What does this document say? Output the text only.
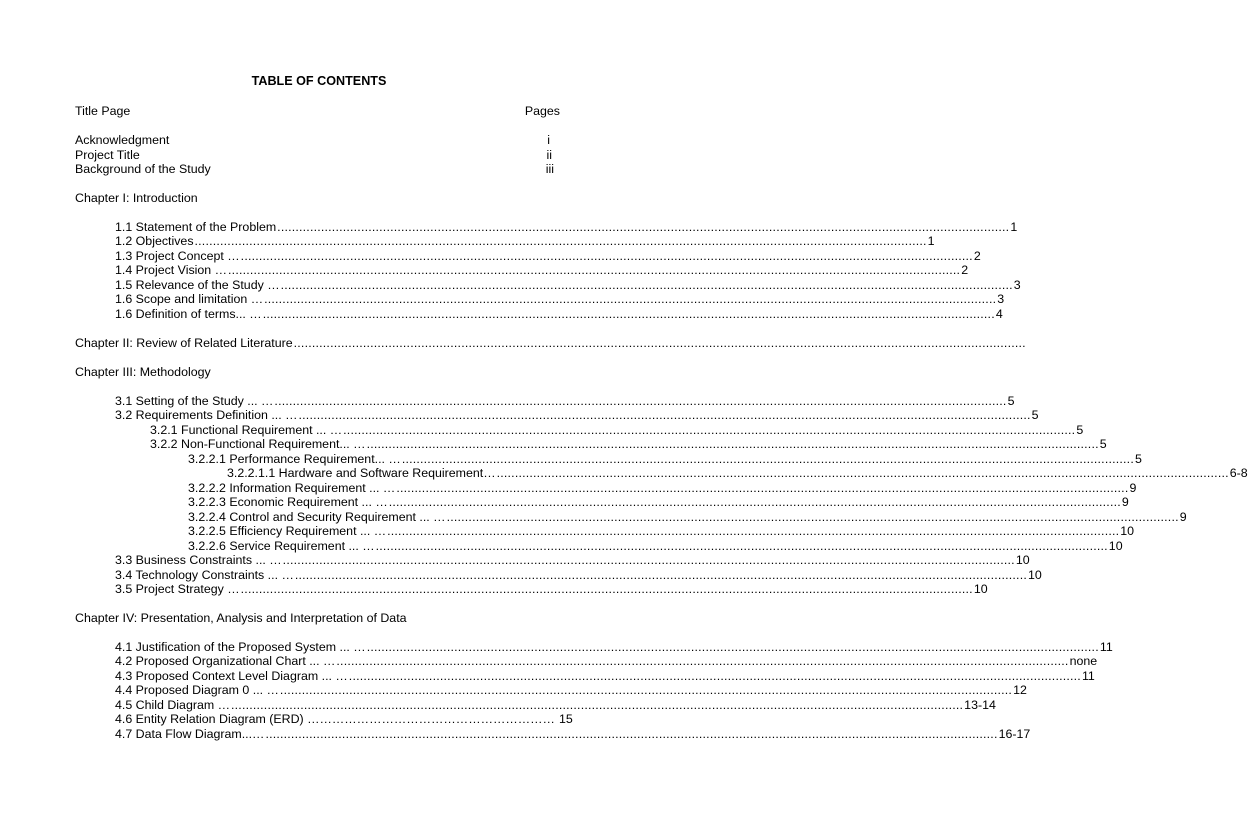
TABLE OF CONTENTS
Title Page	Pages
Acknowledgment	i
Project Title	ii
Background of the Study	iii
Chapter I: Introduction
1.1 Statement of the Problem .....	1
1.2 Objectives .....	1
1.3 Project Concept … .....	2
1.4 Project Vision … .....	2
1.5 Relevance of the Study … .....	3
1.6 Scope and limitation … .....	3
1.6 Definition of terms... … .....	4
Chapter II: Review of Related Literature
.....
Chapter III: Methodology
3.1 Setting of the Study ... … .....	5
3.2 Requirements Definition ... … .....	5
3.2.1 Functional Requirement ... … .....	5
3.2.2 Non-Functional Requirement... … .....	5
3.2.2.1 Performance Requirement... … .....	5
3.2.2.1.1 Hardware and Software Requirement… .....	6-8
3.2.2.2 Information Requirement ... … .....	9
3.2.2.3 Economic Requirement ... … .....	9
3.2.2.4 Control and Security Requirement ... … .....	9
3.2.2.5 Efficiency Requirement ... … .....	10
3.2.2.6 Service Requirement ... … .....	10
3.3 Business Constraints ... … .....	10
3.4 Technology Constraints ... … .....	10
3.5 Project Strategy … .....	10
Chapter IV: Presentation, Analysis and Interpretation of Data
4.1 Justification of the Proposed System ... … .....	11
4.2 Proposed Organizational Chart ... … .....	none
4.3 Proposed Context Level Diagram ... … .....	11
4.4 Proposed Diagram 0 ... … .....	12
4.5 Child Diagram … .....	13-14
4.6 Entity Relation Diagram (ERD) …………………………………………………… 15
4.7 Data Flow Diagram...… .....	16-17
